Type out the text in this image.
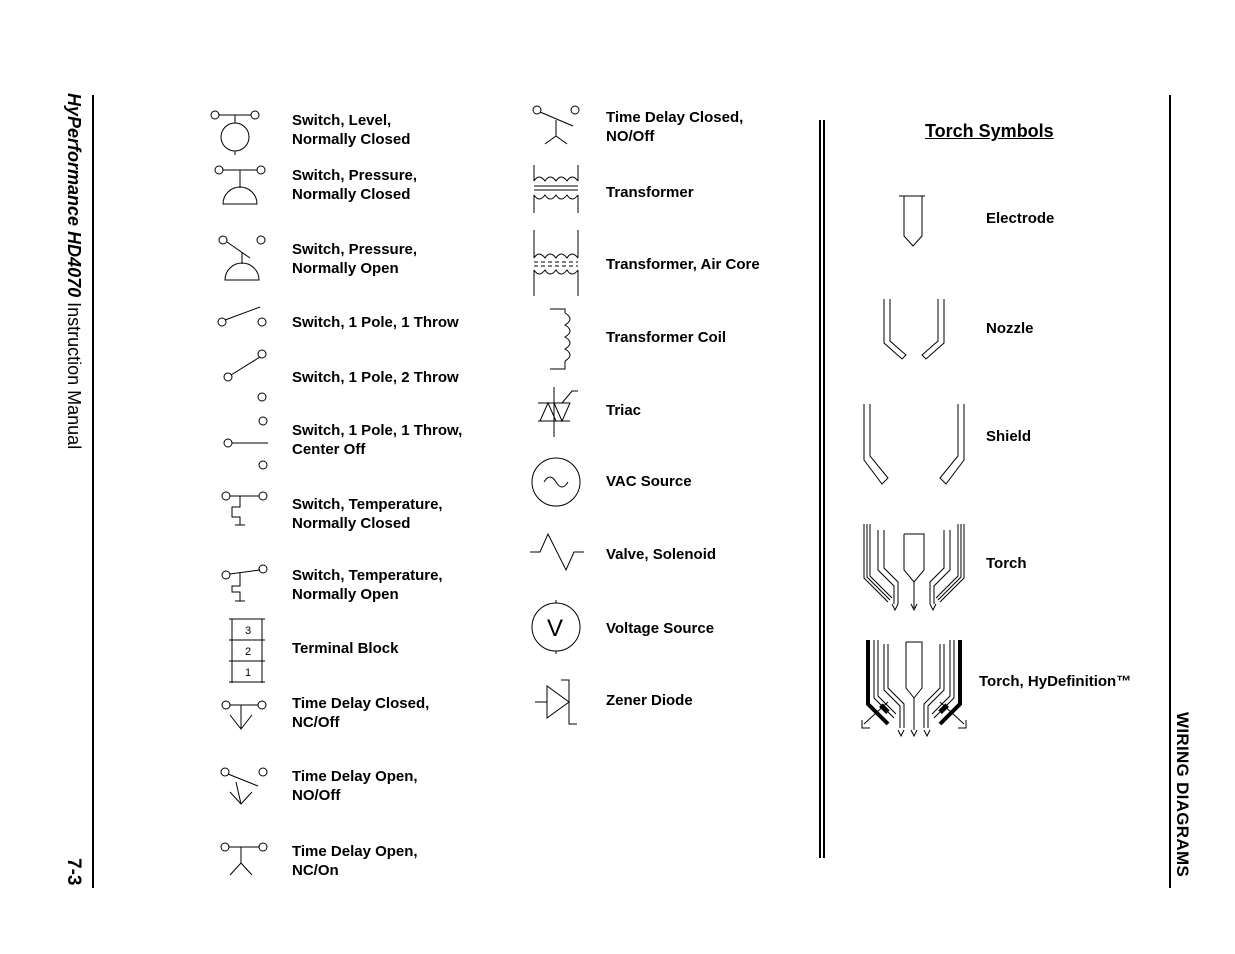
HyPerformance HD4070 Instruction Manual
7-3	WIRING DIAGRAMS
Switch, Level,
Normally Closed
Switch, Pressure,
Normally Closed
Switch, Pressure,
Normally Open
Switch, 1 Pole, 1 Throw
Switch, 1 Pole, 2 Throw
Switch, 1 Pole, 1 Throw,
Center Off
Switch, Temperature,
Normally Closed
Switch, Temperature,
Normally Open
Terminal Block
Time Delay Closed,
NC/Off
Time Delay Open,
NO/Off
Time Delay Open,
NC/On
Time Delay Closed,
NO/Off
Transformer
Transformer, Air Core
Transformer Coil
Triac
VAC Source
Valve, Solenoid
Voltage Source
Zener Diode
Torch Symbols
Electrode
Nozzle
Shield
Torch
Torch, HyDefinition™
3
2
1
V
